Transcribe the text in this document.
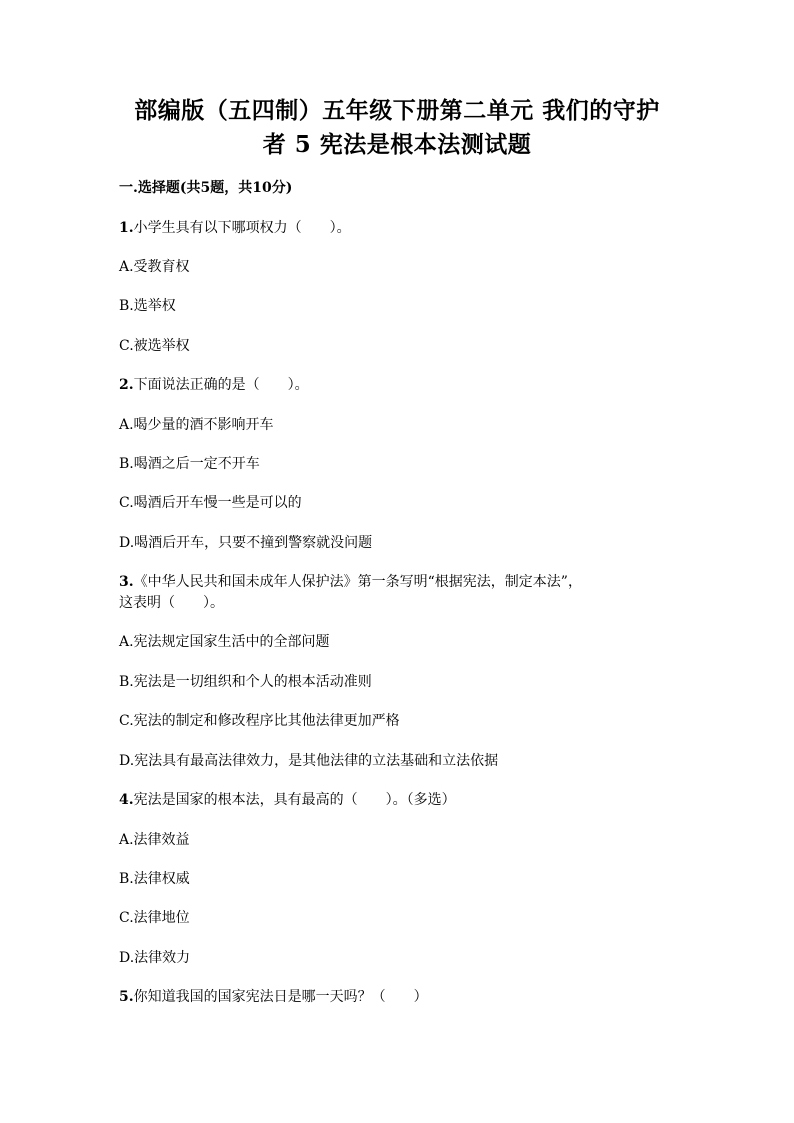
部编版（五四制）五年级下册第二单元 我们的守护
者 5 宪法是根本法测试题
一.选择题(共5题，共10分)
1.小学生具有以下哪项权力（　　）。
A.受教育权
B.选举权
C.被选举权
2.下面说法正确的是（　　）。
A.喝少量的酒不影响开车
B.喝酒之后一定不开车
C.喝酒后开车慢一些是可以的
D.喝酒后开车，只要不撞到警察就没问题
3.《中华人民共和国未成年人保护法》第一条写明“根据宪法，制定本法”，
这表明（　　）。
A.宪法规定国家生活中的全部问题
B.宪法是一切组织和个人的根本活动准则
C.宪法的制定和修改程序比其他法律更加严格
D.宪法具有最高法律效力，是其他法律的立法基础和立法依据
4.宪法是国家的根本法，具有最高的（　　）。（多选）
A.法律效益
B.法律权威
C.法律地位
D.法律效力
5.你知道我国的国家宪法日是哪一天吗？（　　）
